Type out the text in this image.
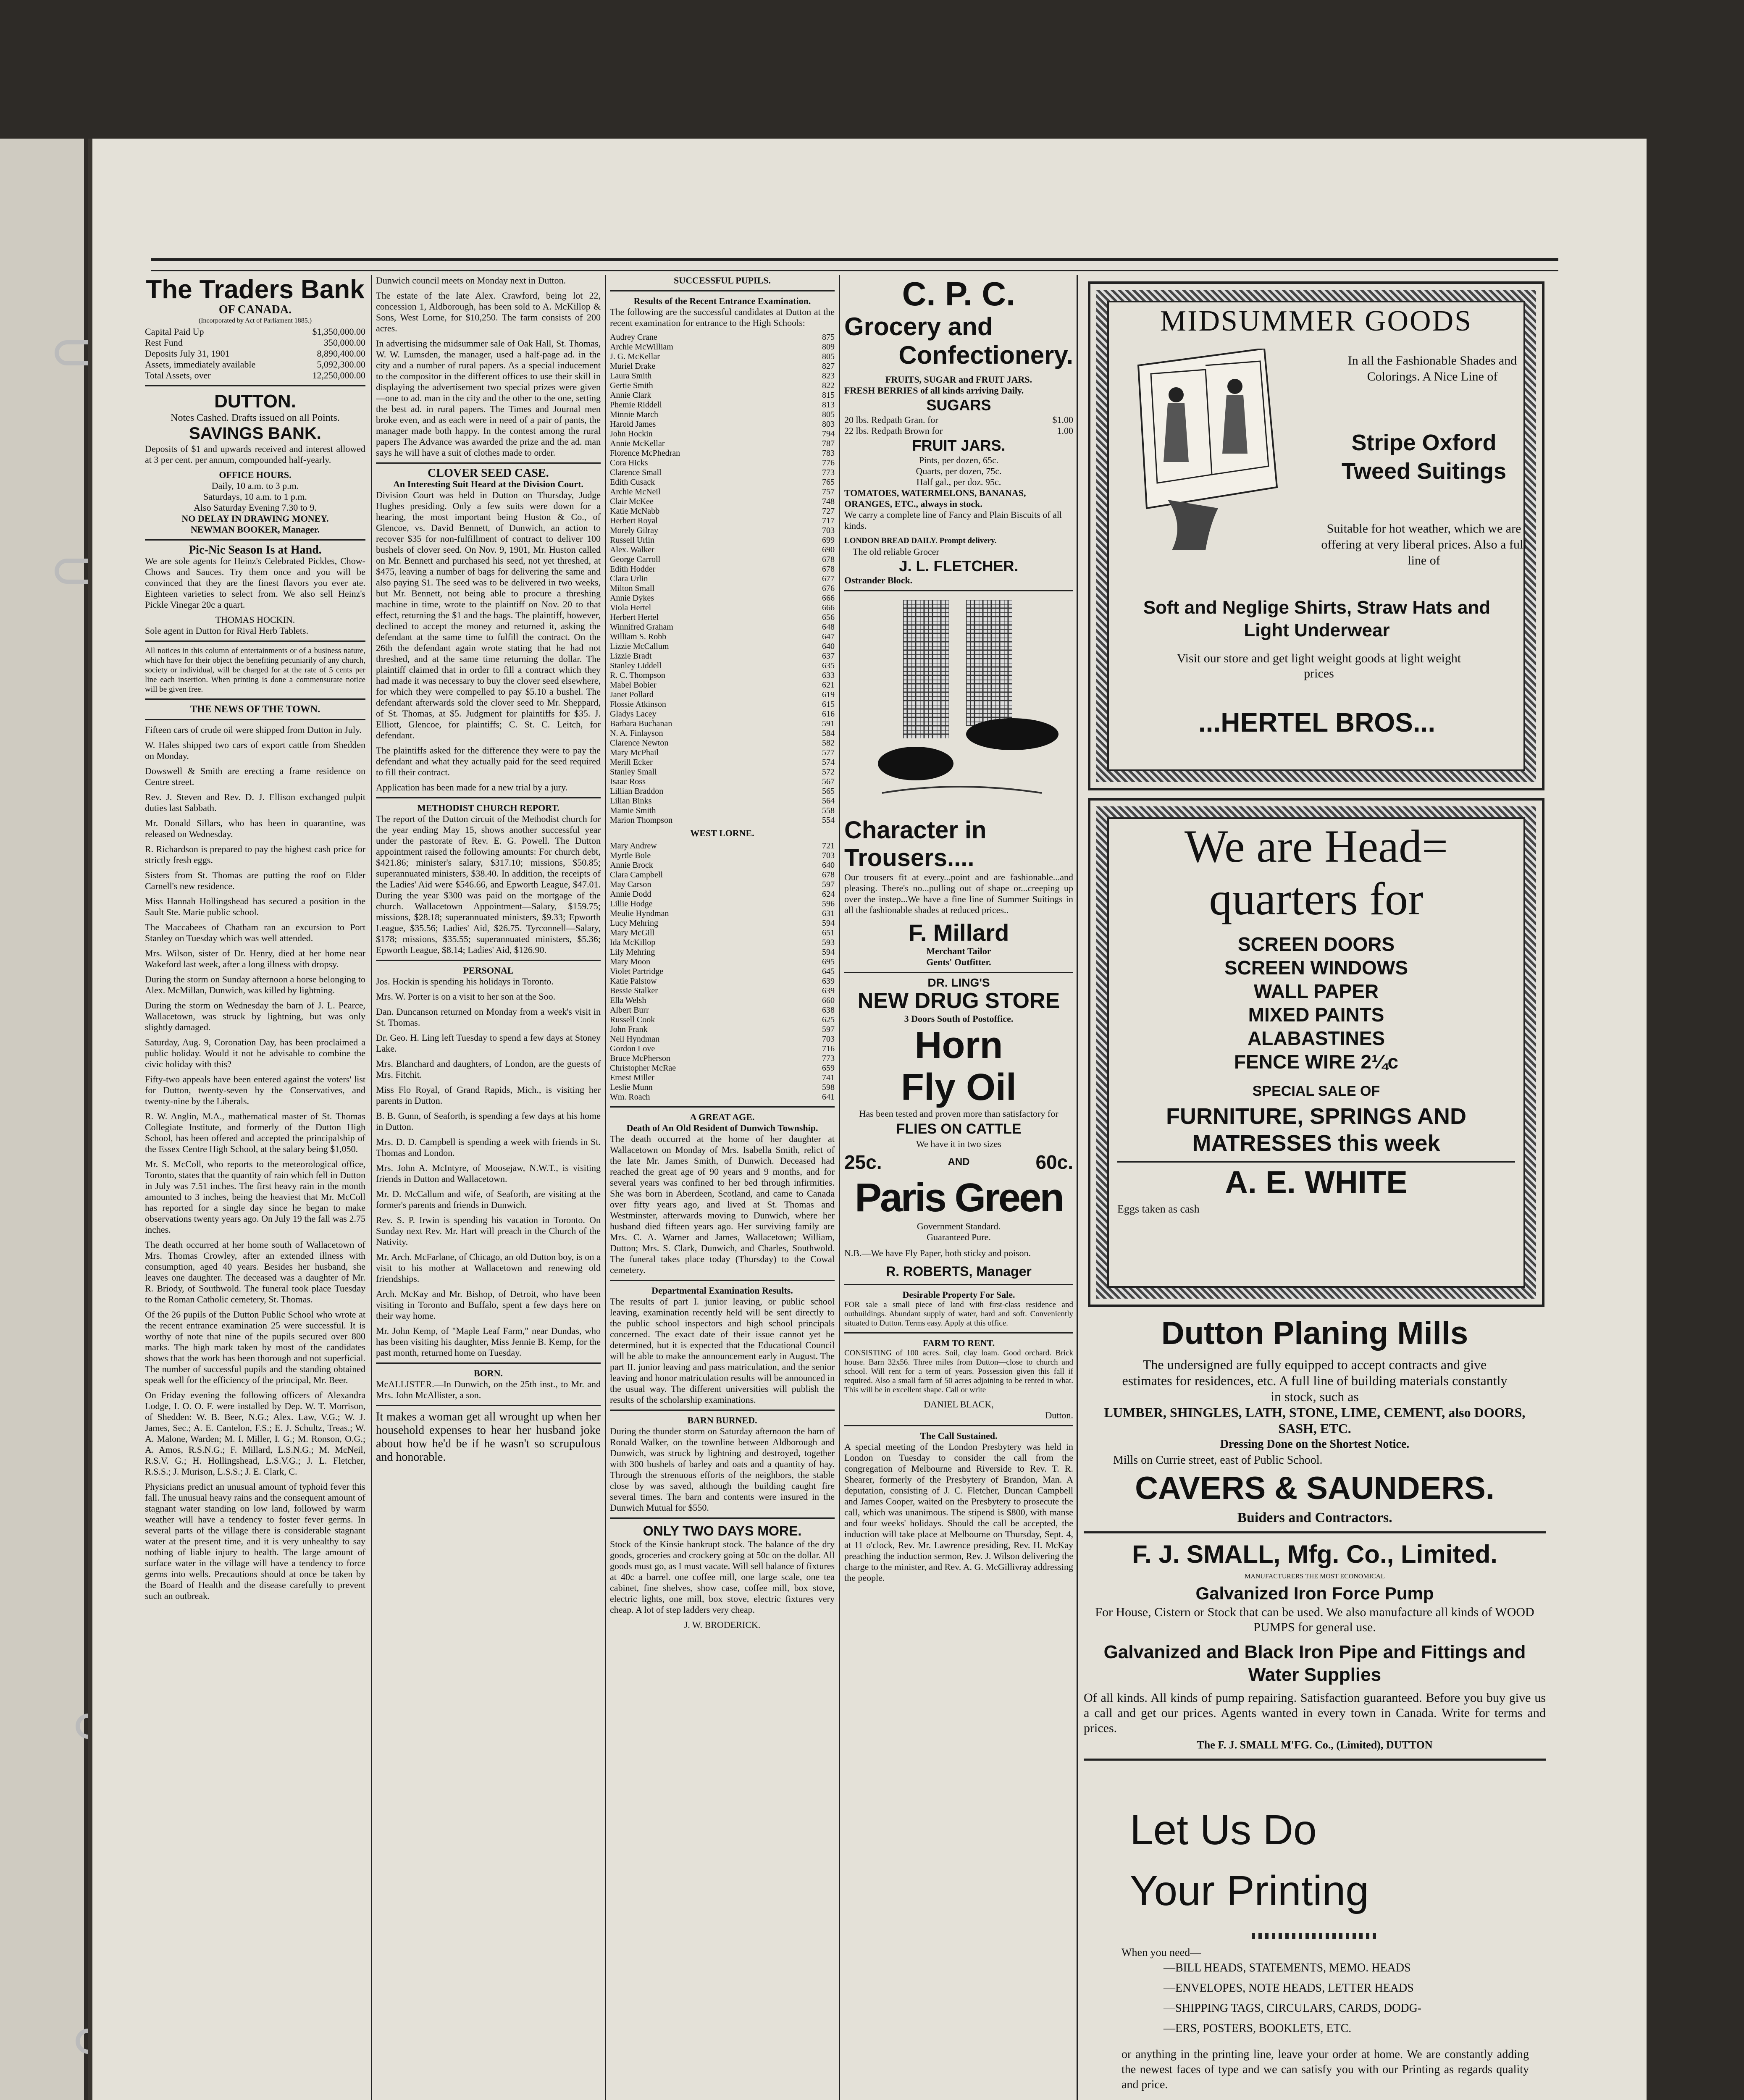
The Traders Bank
OF CANADA.
(Incorporated by Act of Parliament 1885.)
Capital Paid Up	$1,350,000.00
Rest Fund	350,000.00
Deposits July 31, 1901	8,890,400.00
Assets, immediately available	5,092,300.00
Total Assets, over	12,250,000.00
DUTTON.
Notes Cashed. Drafts issued on all Points.
SAVINGS BANK.

Deposits of $1 and upwards received and interest allowed at 3 per cent. per annum, compounded half-yearly.

OFFICE HOURS.
Daily, 10 a.m. to 3 p.m.
Saturdays, 10 a.m. to 1 p.m.
Also Saturday Evening 7.30 to 9.
NO DELAY IN DRAWING MONEY.
NEWMAN BOOKER, Manager.
Pic-Nic Season Is at Hand.

We are sole agents for Heinz's Celebrated Pickles, Chow-Chows and Sauces. Try them once and you will be convinced that they are the finest flavors you ever ate. Eighteen varieties to select from. We also sell Heinz's Pickle Vinegar 20c a quart.

THOMAS HOCKIN.

Sole agent in Dutton for Rival Herb Tablets.

All notices in this column of entertainments or of a business nature, which have for their object the benefiting pecuniarily of any church, society or individual, will be charged for at the rate of 5 cents per line each insertion. When printing is done a commensurate notice will be given free.

THE NEWS OF THE TOWN.

Fifteen cars of crude oil were shipped from Dutton in July.

W. Hales shipped two cars of export cattle from Shedden on Monday.

Dowswell & Smith are erecting a frame residence on Centre street.

Rev. J. Steven and Rev. D. J. Ellison exchanged pulpit duties last Sabbath.

Mr. Donald Sillars, who has been in quarantine, was released on Wednesday.

R. Richardson is prepared to pay the highest cash price for strictly fresh eggs.

Sisters from St. Thomas are putting the roof on Elder Carnell's new residence.

Miss Hannah Hollingshead has secured a position in the Sault Ste. Marie public school.

The Maccabees of Chatham ran an excursion to Port Stanley on Tuesday which was well attended.

Mrs. Wilson, sister of Dr. Henry, died at her home near Wakeford last week, after a long illness with dropsy.

During the storm on Sunday afternoon a horse belonging to Alex. McMillan, Dunwich, was killed by lightning.

During the storm on Wednesday the barn of J. L. Pearce, Wallacetown, was struck by lightning, but was only slightly damaged.

Saturday, Aug. 9, Coronation Day, has been proclaimed a public holiday. Would it not be advisable to combine the civic holiday with this?

Fifty-two appeals have been entered against the voters' list for Dutton, twenty-seven by the Conservatives, and twenty-nine by the Liberals.

R. W. Anglin, M.A., mathematical master of St. Thomas Collegiate Institute, and formerly of the Dutton High School, has been offered and accepted the principalship of the Essex Centre High School, at the salary being $1,050.

Mr. S. McColl, who reports to the meteorological office, Toronto, states that the quantity of rain which fell in Dutton in July was 7.51 inches. The first heavy rain in the month amounted to 3 inches, being the heaviest that Mr. McColl has reported for a single day since he began to make observations twenty years ago. On July 19 the fall was 2.75 inches.

The death occurred at her home south of Wallacetown of Mrs. Thomas Crowley, after an extended illness with consumption, aged 40 years. Besides her husband, she leaves one daughter. The deceased was a daughter of Mr. R. Briody, of Southwold. The funeral took place Tuesday to the Roman Catholic cemetery, St. Thomas.

Of the 26 pupils of the Dutton Public School who wrote at the recent entrance examination 25 were successful. It is worthy of note that nine of the pupils secured over 800 marks. The high mark taken by most of the candidates shows that the work has been thorough and not superficial. The number of successful pupils and the standing obtained speak well for the efficiency of the principal, Mr. Beer.

On Friday evening the following officers of Alexandra Lodge, I. O. O. F. were installed by Dep. W. T. Morrison, of Shedden: W. B. Beer, N.G.; Alex. Law, V.G.; W. J. James, Sec.; A. E. Cantelon, F.S.; E. J. Schultz, Treas.; W. A. Malone, Warden; M. I. Miller, I. G.; M. Ronson, O.G.; A. Amos, R.S.N.G.; F. Millard, L.S.N.G.; M. McNeil, R.S.V. G.; H. Hollingshead, L.S.V.G.; J. L. Fletcher, R.S.S.; J. Murison, L.S.S.; J. E. Clark, C.

Physicians predict an unusual amount of typhoid fever this fall. The unusual heavy rains and the consequent amount of stagnant water standing on low land, followed by warm weather will have a tendency to foster fever germs. In several parts of the village there is considerable stagnant water at the present time, and it is very unhealthy to say nothing of liable injury to health. The large amount of surface water in the village will have a tendency to force germs into wells. Precautions should at once be taken by the Board of Health and the disease carefully to prevent such an outbreak.

Dunwich council meets on Monday next in Dutton.

The estate of the late Alex. Crawford, being lot 22, concession 1, Aldborough, has been sold to A. McKillop & Sons, West Lorne, for $10,250. The farm consists of 200 acres.

In advertising the midsummer sale of Oak Hall, St. Thomas, W. W. Lumsden, the manager, used a half-page ad. in the city and a number of rural papers. As a special inducement to the compositor in the different offices to use their skill in displaying the advertisement two special prizes were given—one to ad. man in the city and the other to the one, setting the best ad. in rural papers. The Times and Journal men broke even, and as each were in need of a pair of pants, the manager made both happy. In the contest among the rural papers The Advance was awarded the prize and the ad. man says he will have a suit of clothes made to order.

CLOVER SEED CASE.
An Interesting Suit Heard at the Division Court.

Division Court was held in Dutton on Thursday, Judge Hughes presiding. Only a few suits were down for a hearing, the most important being Huston & Co., of Glencoe, vs. David Bennett, of Dunwich, an action to recover $35 for non-fulfillment of contract to deliver 100 bushels of clover seed. On Nov. 9, 1901, Mr. Huston called on Mr. Bennett and purchased his seed, not yet threshed, at $475, leaving a number of bags for delivering the same and also paying $1. The seed was to be delivered in two weeks, but Mr. Bennett, not being able to procure a threshing machine in time, wrote to the plaintiff on Nov. 20 to that effect, returning the $1 and the bags. The plaintiff, however, declined to accept the money and returned it, asking the defendant at the same time to fulfill the contract. On the 26th the defendant again wrote stating that he had not threshed, and at the same time returning the dollar. The plaintiff claimed that in order to fill a contract which they had made it was necessary to buy the clover seed elsewhere, for which they were compelled to pay $5.10 a bushel. The defendant afterwards sold the clover seed to Mr. Sheppard, of St. Thomas, at $5. Judgment for plaintiffs for $35. J. Elliott, Glencoe, for plaintiffs; C. St. C. Leitch, for defendant.

The plaintiffs asked for the difference they were to pay the defendant and what they actually paid for the seed required to fill their contract.

Application has been made for a new trial by a jury.

METHODIST CHURCH REPORT.

The report of the Dutton circuit of the Methodist church for the year ending May 15, shows another successful year under the pastorate of Rev. E. G. Powell. The Dutton appointment raised the following amounts: For church debt, $421.86; minister's salary, $317.10; missions, $50.85; superannuated ministers, $38.40. In addition, the receipts of the Ladies' Aid were $546.66, and Epworth League, $47.01. During the year $300 was paid on the mortgage of the church. Wallacetown Appointment—Salary, $159.75; missions, $28.18; superannuated ministers, $9.33; Epworth League, $35.56; Ladies' Aid, $26.75. Tyrconnell—Salary, $178; missions, $35.55; superannuated ministers, $5.36; Epworth League, $8.14; Ladies' Aid, $126.90.

PERSONAL

Jos. Hockin is spending his holidays in Toronto.

Mrs. W. Porter is on a visit to her son at the Soo.

Dan. Duncanson returned on Monday from a week's visit in St. Thomas.

Dr. Geo. H. Ling left Tuesday to spend a few days at Stoney Lake.

Mrs. Blanchard and daughters, of London, are the guests of Mrs. Fitchit.

Miss Flo Royal, of Grand Rapids, Mich., is visiting her parents in Dutton.

B. B. Gunn, of Seaforth, is spending a few days at his home in Dutton.

Mrs. D. D. Campbell is spending a week with friends in St. Thomas and London.

Mrs. John A. McIntyre, of Moosejaw, N.W.T., is visiting friends in Dutton and Wallacetown.

Mr. D. McCallum and wife, of Seaforth, are visiting at the former's parents and friends in Dunwich.

Rev. S. P. Irwin is spending his vacation in Toronto. On Sunday next Rev. Mr. Hart will preach in the Church of the Nativity.

Mr. Arch. McFarlane, of Chicago, an old Dutton boy, is on a visit to his mother at Wallacetown and renewing old friendships.

Arch. McKay and Mr. Bishop, of Detroit, who have been visiting in Toronto and Buffalo, spent a few days here on their way home.

Mr. John Kemp, of "Maple Leaf Farm," near Dundas, who has been visiting his daughter, Miss Jennie B. Kemp, for the past month, returned home on Tuesday.

BORN.

McALLISTER.—In Dunwich, on the 25th inst., to Mr. and Mrs. John McAllister, a son.

It makes a woman get all wrought up when her household expenses to hear her husband joke about how he'd be if he wasn't so scrupulous and honorable.

SUCCESSFUL PUPILS.
Results of the Recent Entrance Examination.

The following are the successful candidates at Dutton at the recent examination for entrance to the High Schools:

Audrey Crane	875
Archie McWilliam	809
J. G. McKellar	805
Muriel Drake	827
Laura Smith	823
Gertie Smith	822
Annie Clark	815
Phemie Riddell	813
Minnie March	805
Harold James	803
John Hockin	794
Annie McKellar	787
Florence McPhedran	783
Cora Hicks	776
Clarence Small	773
Edith Cusack	765
Archie McNeil	757
Clair McKee	748
Katie McNabb	727
Herbert Royal	717
Morely Gilray	703
Russell Urlin	699
Alex. Walker	690
George Carroll	678
Edith Hodder	678
Clara Urlin	677
Milton Small	676
Annie Dykes	666
Viola Hertel	666
Herbert Hertel	656
Winnifred Graham	648
William S. Robb	647
Lizzie McCallum	640
Lizzie Bradt	637
Stanley Liddell	635
R. C. Thompson	633
Mabel Bobier	621
Janet Pollard	619
Flossie Atkinson	615
Gladys Lacey	616
Barbara Buchanan	591
N. A. Finlayson	584
Clarence Newton	582
Mary McPhail	577
Merill Ecker	574
Stanley Small	572
Isaac Ross	567
Lillian Braddon	565
Lilian Binks	564
Mamie Smith	558
Marion Thompson	554
WEST LORNE.
Mary Andrew	721
Myrtle Bole	703
Annie Brock	640
Clara Campbell	678
May Carson	597
Annie Dodd	624
Lillie Hodge	596
Meulie Hyndman	631
Lucy Mehring	594
Mary McGill	651
Ida McKillop	593
Lily Mehring	594
Mary Moon	695
Violet Partridge	645
Katie Palstow	639
Bessie Stalker	639
Ella Welsh	660
Albert Burr	638
Russell Cook	625
John Frank	597
Neil Hyndman	703
Gordon Love	716
Bruce McPherson	773
Christopher McRae	659
Ernest Miller	741
Leslie Munn	598
Wm. Roach	641
A GREAT AGE.
Death of An Old Resident of Dunwich Township.

The death occurred at the home of her daughter at Wallacetown on Monday of Mrs. Isabella Smith, relict of the late Mr. James Smith, of Dunwich. Deceased had reached the great age of 90 years and 9 months, and for several years was confined to her bed through infirmities. She was born in Aberdeen, Scotland, and came to Canada over fifty years ago, and lived at St. Thomas and Westminster, afterwards moving to Dunwich, where her husband died fifteen years ago. Her surviving family are Mrs. C. A. Warner and James, Wallacetown; William, Dutton; Mrs. S. Clark, Dunwich, and Charles, Southwold. The funeral takes place today (Thursday) to the Cowal cemetery.

Departmental Examination Results.

The results of part I. junior leaving, or public school leaving, examination recently held will be sent directly to the public school inspectors and high school principals concerned. The exact date of their issue cannot yet be determined, but it is expected that the Educational Council will be able to make the announcement early in August. The part II. junior leaving and pass matriculation, and the senior leaving and honor matriculation results will be announced in the usual way. The different universities will publish the results of the scholarship examinations.

BARN BURNED.

During the thunder storm on Saturday afternoon the barn of Ronald Walker, on the townline between Aldborough and Dunwich, was struck by lightning and destroyed, together with 300 bushels of barley and oats and a quantity of hay. Through the strenuous efforts of the neighbors, the stable close by was saved, although the building caught fire several times. The barn and contents were insured in the Dunwich Mutual for $550.

ONLY TWO DAYS MORE.

Stock of the Kinsie bankrupt stock. The balance of the dry goods, groceries and crockery going at 50c on the dollar. All goods must go, as I must vacate. Will sell balance of fixtures at 40c a barrel. one coffee mill, one large scale, one tea cabinet, fine shelves, show case, coffee mill, box stove, electric lights, one mill, box stove, electric fixtures very cheap. A lot of step ladders very cheap.

J. W. BRODERICK.
C. P. C.
Grocery and
Confectionery.
FRUITS, SUGAR and FRUIT JARS.
FRESH BERRIES of all kinds arriving Daily.
SUGARS
20 lbs. Redpath Gran. for	$1.00
22 lbs. Redpath Brown for	1.00
FRUIT JARS.
Pints, per dozen, 65c.
Quarts, per dozen, 75c.
Half gal., per doz. 95c.
TOMATOES, WATERMELONS, BANANAS, ORANGES, ETC., always in stock.

We carry a complete line of Fancy and Plain Biscuits of all kinds.

LONDON BREAD DAILY. Prompt delivery.
The old reliable Grocer
J. L. FLETCHER.
Ostrander Block.
Character in
Trousers....

Our trousers fit at every...point and are fashionable...and pleasing. There's no...pulling out of shape or...creeping up over the instep...We have a fine line of Summer Suitings in all the fashionable shades at reduced prices..

F. Millard
Merchant Tailor
Gents' Outfitter.
DR. LING'S
NEW DRUG STORE
3 Doors South of Postoffice.
Horn
Fly Oil
Has been tested and proven more than satisfactory for
FLIES ON CATTLE
We have it in two sizes
25c.	AND	60c.
Paris Green
Government Standard.
Guaranteed Pure.

N.B.—We have Fly Paper, both sticky and poison.

R. ROBERTS, Manager
Desirable Property For Sale.

FOR sale a small piece of land with first-class residence and outbuildings. Abundant supply of water, hard and soft. Conveniently situated to Dutton. Terms easy. Apply at this office.

FARM TO RENT.

CONSISTING of 100 acres. Soil, clay loam. Good orchard. Brick house. Barn 32x56. Three miles from Dutton—close to church and school. Will rent for a term of years. Possession given this fall if required. Also a small farm of 50 acres adjoining to be rented in what. This will be in excellent shape. Call or write

DANIEL BLACK,
Dutton.
The Call Sustained.

A special meeting of the London Presbytery was held in London on Tuesday to consider the call from the congregation of Melbourne and Riverside to Rev. T. R. Shearer, formerly of the Presbytery of Brandon, Man. A deputation, consisting of J. C. Fletcher, Duncan Campbell and James Cooper, waited on the Presbytery to prosecute the call, which was unanimous. The stipend is $800, with manse and four weeks' holidays. Should the call be accepted, the induction will take place at Melbourne on Thursday, Sept. 4, at 11 o'clock, Rev. Mr. Lawrence presiding, Rev. H. McKay preaching the induction sermon, Rev. J. Wilson delivering the charge to the minister, and Rev. A. G. McGillivray addressing the people.

MIDSUMMER GOODS
In all the Fashionable Shades and Colorings. A Nice Line of
Stripe Oxford Tweed Suitings
Suitable for hot weather, which we are offering at very liberal prices. Also a full line of
Soft and Neglige Shirts, Straw Hats and Light Underwear
Visit our store and get light weight goods at light weight prices
...HERTEL BROS...
We are Head=
quarters for
SCREEN DOORS
SCREEN WINDOWS
WALL PAPER
MIXED PAINTS
ALABASTINES
FENCE WIRE 2¼c
SPECIAL SALE OF
FURNITURE, SPRINGS AND
MATRESSES this week
A. E. WHITE
Eggs taken as cash
Dutton Planing Mills
The undersigned are fully equipped to accept contracts and give estimates for residences, etc. A full line of building materials constantly in stock, such as
LUMBER, SHINGLES, LATH, STONE, LIME, CEMENT, also DOORS, SASH, ETC.
Dressing Done on the Shortest Notice.
Mills on Currie street, east of Public School.
CAVERS & SAUNDERS.
Buiders and Contractors.
F. J. SMALL, Mfg. Co., Limited.
MANUFACTURERS THE MOST ECONOMICAL
Galvanized Iron Force Pump
For House, Cistern or Stock that can be used. We also manufacture all kinds of WOOD PUMPS for general use.
Galvanized and Black Iron Pipe and Fittings and Water Supplies
Of all kinds. All kinds of pump repairing. Satisfaction guaranteed. Before you buy give us a call and get our prices. Agents wanted in every town in Canada. Write for terms and prices.
The F. J. SMALL M'FG. Co., (Limited), DUTTON
Let Us Do
Your Printing
When you need—
—BILL HEADS, STATEMENTS, MEMO. HEADS
—ENVELOPES, NOTE HEADS, LETTER HEADS
—SHIPPING TAGS, CIRCULARS, CARDS, DODG-
—ERS, POSTERS, BOOKLETS, ETC.
or anything in the printing line, leave your order at home. We are constantly adding the newest faces of type and we can satisfy you with our Printing as regards quality and price.
